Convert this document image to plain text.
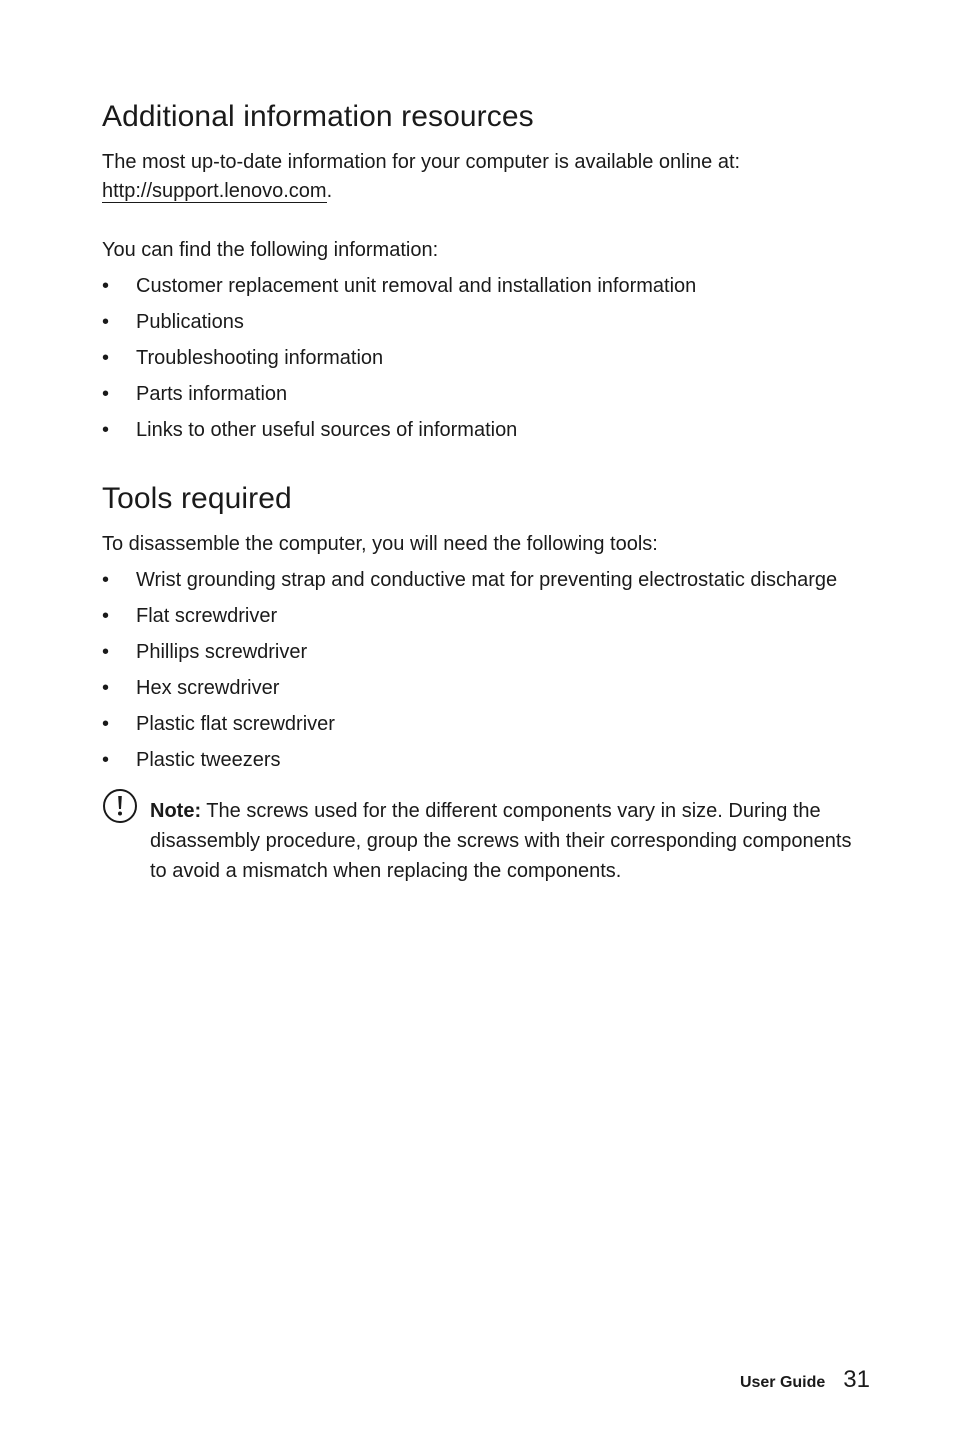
Additional information resources

The most up-to-date information for your computer is available online at:
http://support.lenovo.com.

You can find the following information:

• Customer replacement unit removal and installation information
• Publications
• Troubleshooting information
• Parts information
• Links to other useful sources of information
Tools required

To disassemble the computer, you will need the following tools:

• Wrist grounding strap and conductive mat for preventing electrostatic discharge
• Flat screwdriver
• Phillips screwdriver
• Hex screwdriver
• Plastic flat screwdriver
• Plastic tweezers
Note: The screws used for the different components vary in size. During the disassembly procedure, group the screws with their corresponding components to avoid a mismatch when replacing the components.
User Guide 31
